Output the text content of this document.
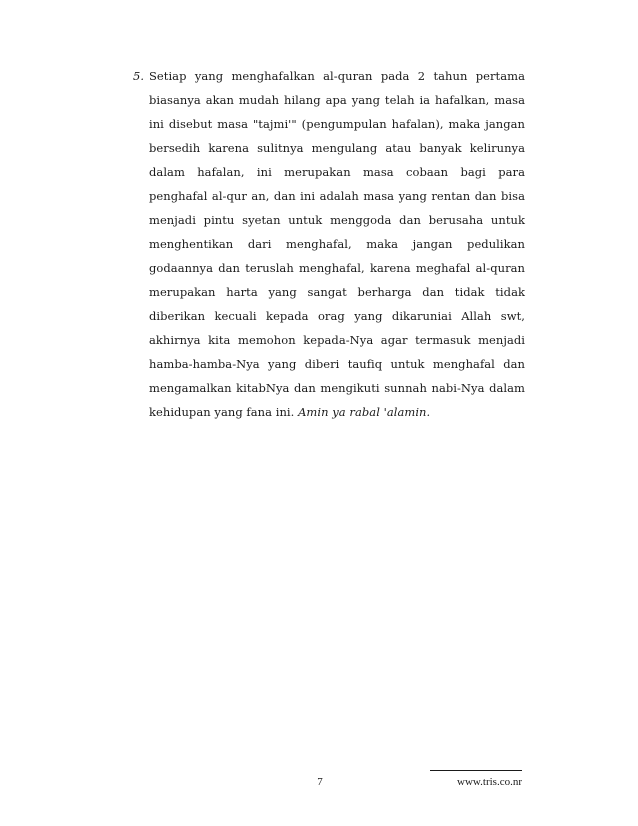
5. Setiap yang menghafalkan al-quran pada 2 tahun pertama biasanya akan mudah hilang apa yang telah ia hafalkan, masa ini disebut masa "tajmi'" (pengumpulan hafalan), maka jangan bersedih karena sulitnya mengulang atau banyak kelirunya dalam hafalan, ini merupakan masa cobaan bagi para penghafal al-qur an, dan ini adalah masa yang rentan dan bisa menjadi pintu syetan untuk menggoda dan berusaha untuk menghentikan dari menghafal, maka jangan pedulikan godaannya dan teruslah menghafal, karena meghafal al-quran merupakan harta yang sangat berharga dan tidak tidak diberikan kecuali kepada orag yang dikaruniai Allah swt, akhirnya kita memohon kepada-Nya agar termasuk menjadi hamba-hamba-Nya yang diberi taufiq untuk menghafal dan mengamalkan kitabNya dan mengikuti sunnah nabi-Nya dalam kehidupan yang fana ini. Amin ya rabal 'alamin.
7	www.tris.co.nr
